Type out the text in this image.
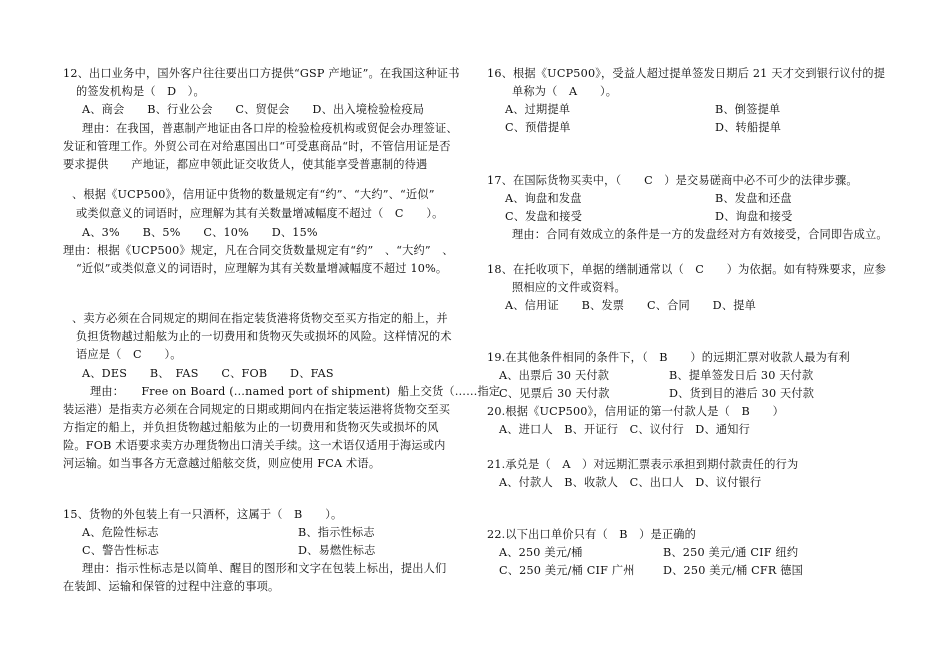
12、出口业务中，国外客户往往要出口方提供“GSP 产地证”。在我国这种证书
的签发机构是（　D　）。
A、商会　　B、行业公会　　C、贸促会　　D、出入境检验检疫局
理由：在我国，普惠制产地证由各口岸的检验检疫机构或贸促会办理签证、
发证和管理工作。外贸公司在对给惠国出口“可受惠商品“时，不管信用证是否
要求提供　　产地证，都应申领此证交收货人，使其能享受普惠制的待遇
、根据《UCP500》，信用证中货物的数量规定有“约”、“大约”、“近似”
或类似意义的词语时，应理解为其有关数量增减幅度不超过（　C　　）。
A、3%　　B、5%　　C、10%　　D、15%
理由：根据《UCP500》规定，凡在合同交货数量规定有“约”　、“大约”　、
“近似”或类似意义的词语时，应理解为其有关数量增减幅度不超过 10%。
、卖方必须在合同规定的期间在指定装货港将货物交至买方指定的船上，并
负担货物越过船舷为止的一切费用和货物灭失或损坏的风险。这样情况的术
语应是（　C　　）。
A、DES　　B、　FAS　　C、FOB　　D、FAS
理由：　　Free on Board (…named port of shipment)  船上交货（……指定
装运港）是指卖方必须在合同规定的日期或期间内在指定装运港将货物交至买
方指定的船上，并负担货物越过船舷为止的一切费用和货物灭失或损坏的风
险。FOB 术语要求卖方办理货物出口清关手续。这一术语仅适用于海运或内
河运输。如当事各方无意越过船舷交货，则应使用 FCA 术语。
15、货物的外包装上有一只酒杯，这属于（　B　　）。
A、危险性标志	B、指示性标志
C、警告性标志	D、易燃性标志
理由：指示性标志是以简单、醒目的图形和文字在包装上标出，提出人们
在装卸、运输和保管的过程中注意的事项。
16、根据《UCP500》，受益人超过提单签发日期后 21 天才交到银行议付的提
单称为（　A　　）。
A、过期提单	B、倒签提单
C、预借提单	D、转船提单
17、在国际货物买卖中，（　　C　）是交易磋商中必不可少的法律步骤。
A、询盘和发盘	B、发盘和还盘
C、发盘和接受	D、询盘和接受
理由：合同有效成立的条件是一方的发盘经对方有效接受，合同即告成立。
18、在托收项下，单据的缮制通常以（　C　　）为依据。如有特殊要求，应参
照相应的文件或资料。
A、信用证　　B、发票　　C、合同　　D、提单
19.在其他条件相同的条件下，（　B　　）的远期汇票对收款人最为有利
A、出票后 30 天付款	B、提单签发日后 30 天付款
C、见票后 30 天付款	D、货到目的港后 30 天付款
20.根据《UCP500》，信用证的第一付款人是（　B　　）
A、进口人　B、开证行　C、议付行　D、通知行
21.承兑是（　A　）对远期汇票表示承担到期付款责任的行为
A、付款人　B、收款人　C、出口人　D、议付银行
22.以下出口单价只有（　B　）是正确的
A、250 美元/桶	B、250 美元/通 CIF 纽约
C、250 美元/桶 CIF 广州	D、250 美元/桶 CFR 德国
